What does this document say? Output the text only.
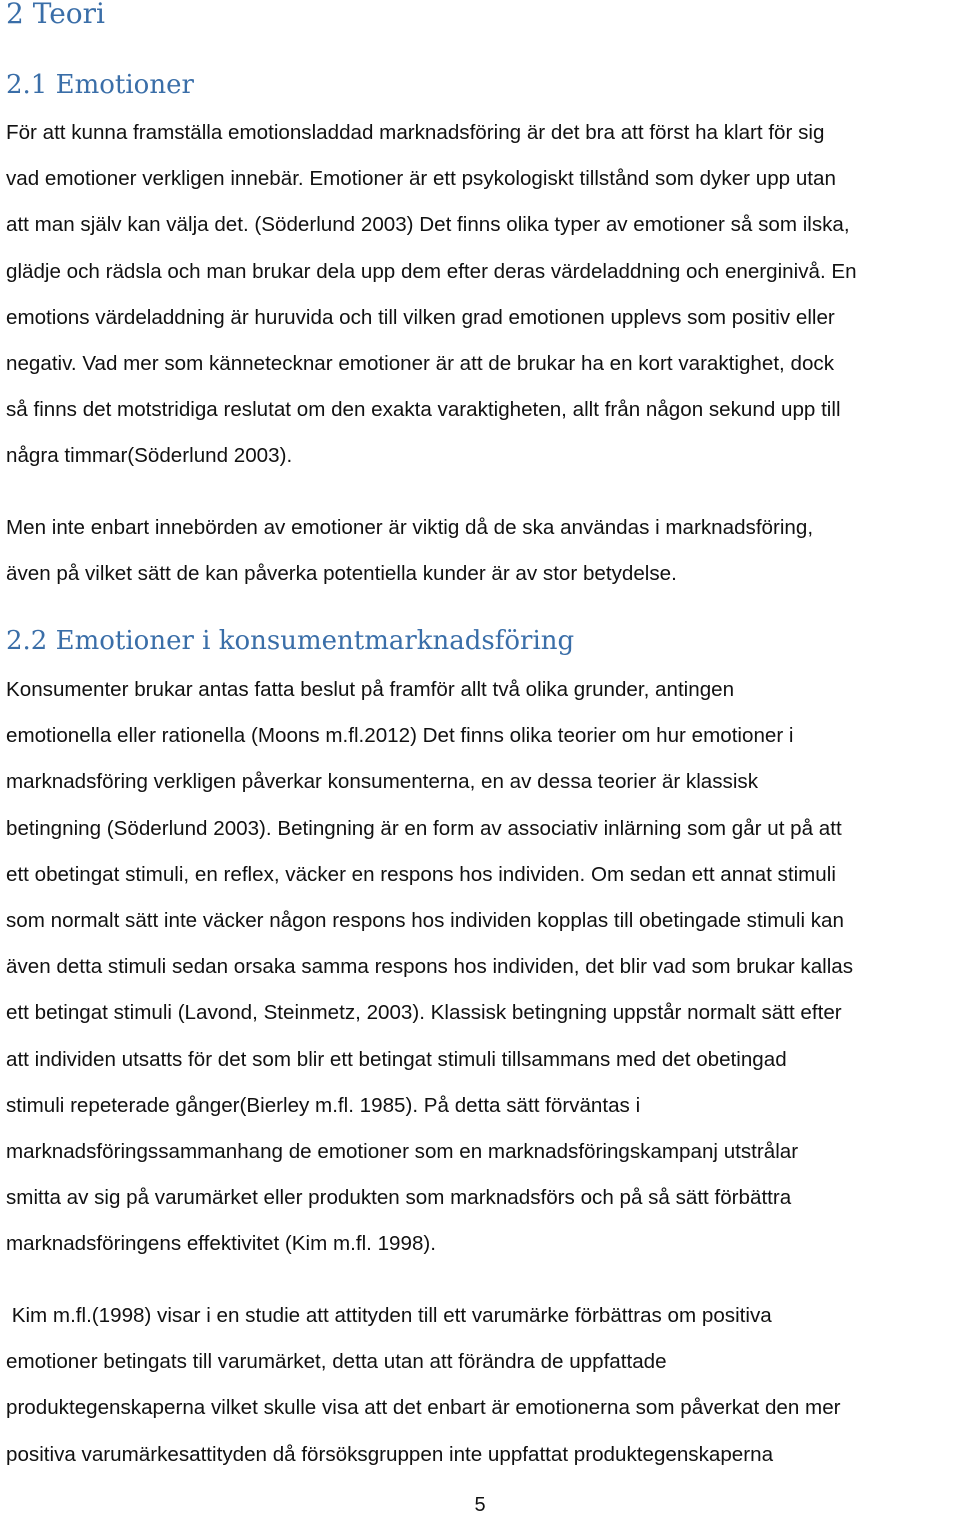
2 Teori
2.1 Emotioner

För att kunna framställa emotionsladdad marknadsföring är det bra att först ha klart för sig
vad emotioner verkligen innebär. Emotioner är ett psykologiskt tillstånd som dyker upp utan
att man själv kan välja det. (Söderlund 2003) Det finns olika typer av emotioner så som ilska,
glädje och rädsla och man brukar dela upp dem efter deras värdeladdning och energinivå. En
emotions värdeladdning är huruvida och till vilken grad emotionen upplevs som positiv eller
negativ. Vad mer som kännetecknar emotioner är att de brukar ha en kort varaktighet, dock
så finns det motstridiga reslutat om den exakta varaktigheten, allt från någon sekund upp till
några timmar(Söderlund 2003).

Men inte enbart innebörden av emotioner är viktig då de ska användas i marknadsföring,
även på vilket sätt de kan påverka potentiella kunder är av stor betydelse.

2.2 Emotioner i konsumentmarknadsföring

Konsumenter brukar antas fatta beslut på framför allt två olika grunder, antingen
emotionella eller rationella (Moons m.fl.2012) Det finns olika teorier om hur emotioner i
marknadsföring verkligen påverkar konsumenterna, en av dessa teorier är klassisk
betingning (Söderlund 2003). Betingning är en form av associativ inlärning som går ut på att
ett obetingat stimuli, en reflex, väcker en respons hos individen. Om sedan ett annat stimuli
som normalt sätt inte väcker någon respons hos individen kopplas till obetingade stimuli kan
även detta stimuli sedan orsaka samma respons hos individen, det blir vad som brukar kallas
ett betingat stimuli (Lavond, Steinmetz, 2003). Klassisk betingning uppstår normalt sätt efter
att individen utsatts för det som blir ett betingat stimuli tillsammans med det obetingad
stimuli repeterade gånger(Bierley m.fl. 1985). På detta sätt förväntas i
marknadsföringssammanhang de emotioner som en marknadsföringskampanj utstrålar
smitta av sig på varumärket eller produkten som marknadsförs och på så sätt förbättra
marknadsföringens effektivitet (Kim m.fl. 1998).

Kim m.fl.(1998) visar i en studie att attityden till ett varumärke förbättras om positiva
emotioner betingats till varumärket, detta utan att förändra de uppfattade
produktegenskaperna vilket skulle visa att det enbart är emotionerna som påverkat den mer
positiva varumärkesattityden då försöksgruppen inte uppfattat produktegenskaperna

5
